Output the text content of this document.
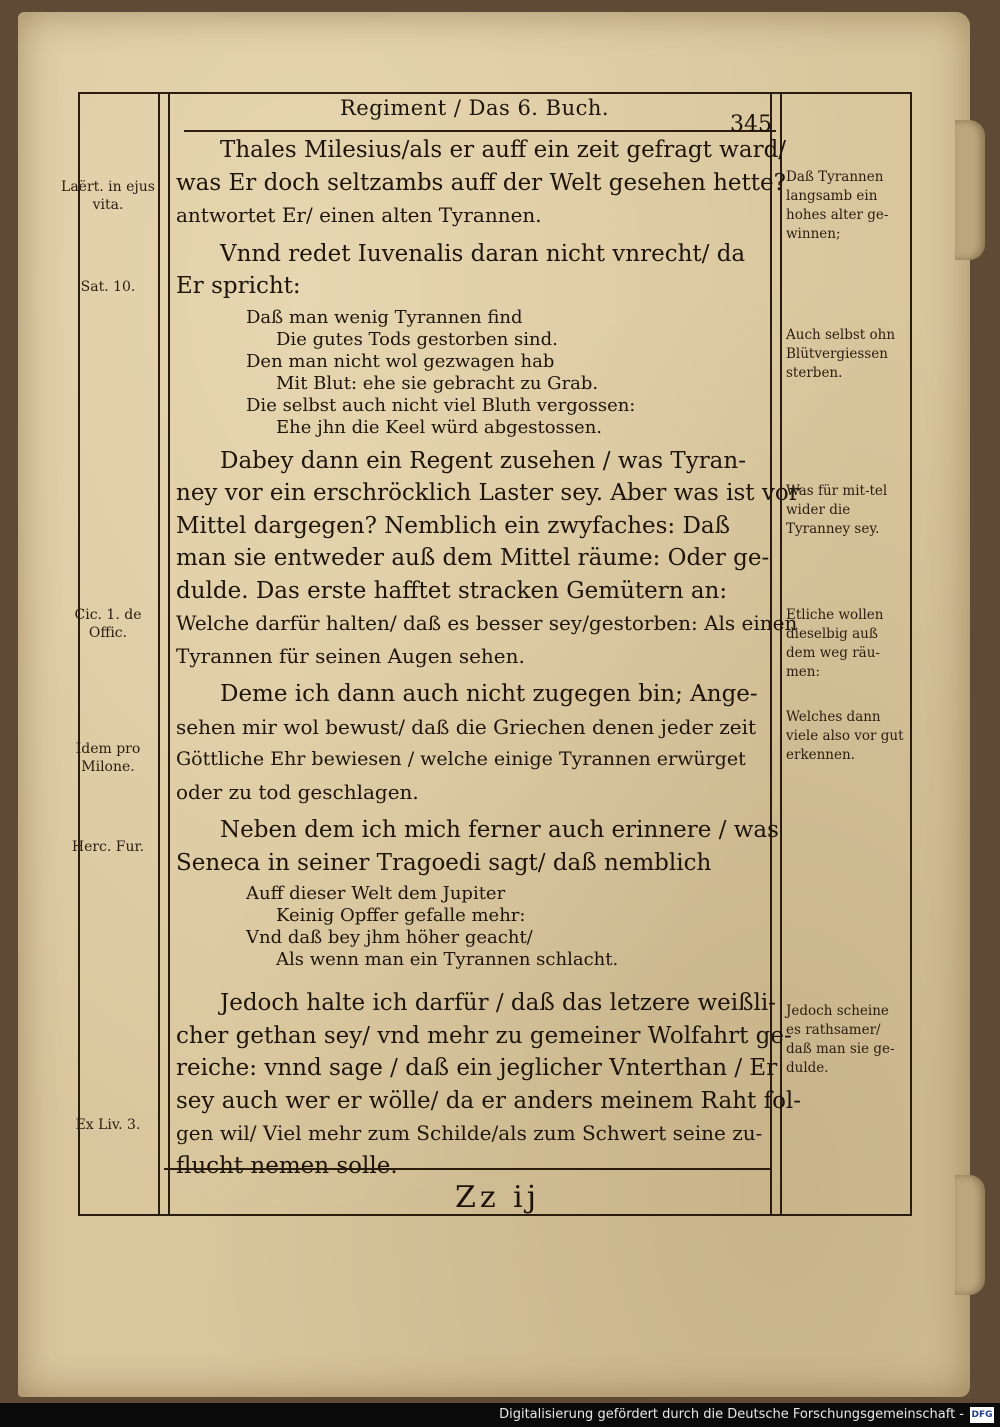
Regiment / Das 6. Buch.
345

Thales Milesius/als er auff ein zeit gefragt ward/
was Er doch seltzambs auff der Welt gesehen hette?
antwortet Er/ einen alten Tyrannen.

Vnnd redet Iuvenalis daran nicht vnrecht/ da
Er spricht:

Daß man wenig Tyrannen find
Die gutes Tods gestorben sind.
Den man nicht wol gezwagen hab
Mit Blut: ehe sie gebracht zu Grab.
Die selbst auch nicht viel Bluth vergossen:
Ehe jhn die Keel würd abgestossen.

Dabey dann ein Regent zusehen / was Tyran-
ney vor ein erschröcklich Laster sey. Aber was ist vor
Mittel dargegen? Nemblich ein zwyfaches: Daß
man sie entweder auß dem Mittel räume: Oder ge-
dulde. Das erste hafftet stracken Gemütern an:
Welche darfür halten/ daß es besser sey/gestorben: Als einen
Tyrannen für seinen Augen sehen.

Deme ich dann auch nicht zugegen bin; Ange-
sehen mir wol bewust/ daß die Griechen denen jeder zeit
Göttliche Ehr bewiesen / welche einige Tyrannen erwürget
oder zu tod geschlagen.

Neben dem ich mich ferner auch erinnere / was
Seneca in seiner Tragoedi sagt/ daß nemblich

Auff dieser Welt dem Jupiter
Keinig Opffer gefalle mehr:
Vnd daß bey jhm höher geacht/
Als wenn man ein Tyrannen schlacht.

Jedoch halte ich darfür / daß das letzere weißli-
cher gethan sey/ vnd mehr zu gemeiner Wolfahrt ge-
reiche: vnnd sage / daß ein jeglicher Vnterthan / Er
sey auch wer er wölle/ da er anders meinem Raht fol-
gen wil/ Viel mehr zum Schilde/als zum Schwert seine zu-
flucht nemen solle.

Laërt. in ejus vita.
Sat. 10.
Cic. 1. de Offic.
Idem pro Milone.
Herc. Fur.
Ex Liv. 3.
Daß Tyrannen langsamb ein hohes alter ge-winnen;
Auch selbst ohn Blütvergiessen sterben.
Was für mit-tel wider die Tyranney sey.
Etliche wollen dieselbig auß dem weg räu-men:
Welches dann viele also vor gut erkennen.
Jedoch scheine es rathsamer/ daß man sie ge-dulde.
Zz ij
Digitalisierung gefördert durch die Deutsche Forschungsgemeinschaft - DFG
